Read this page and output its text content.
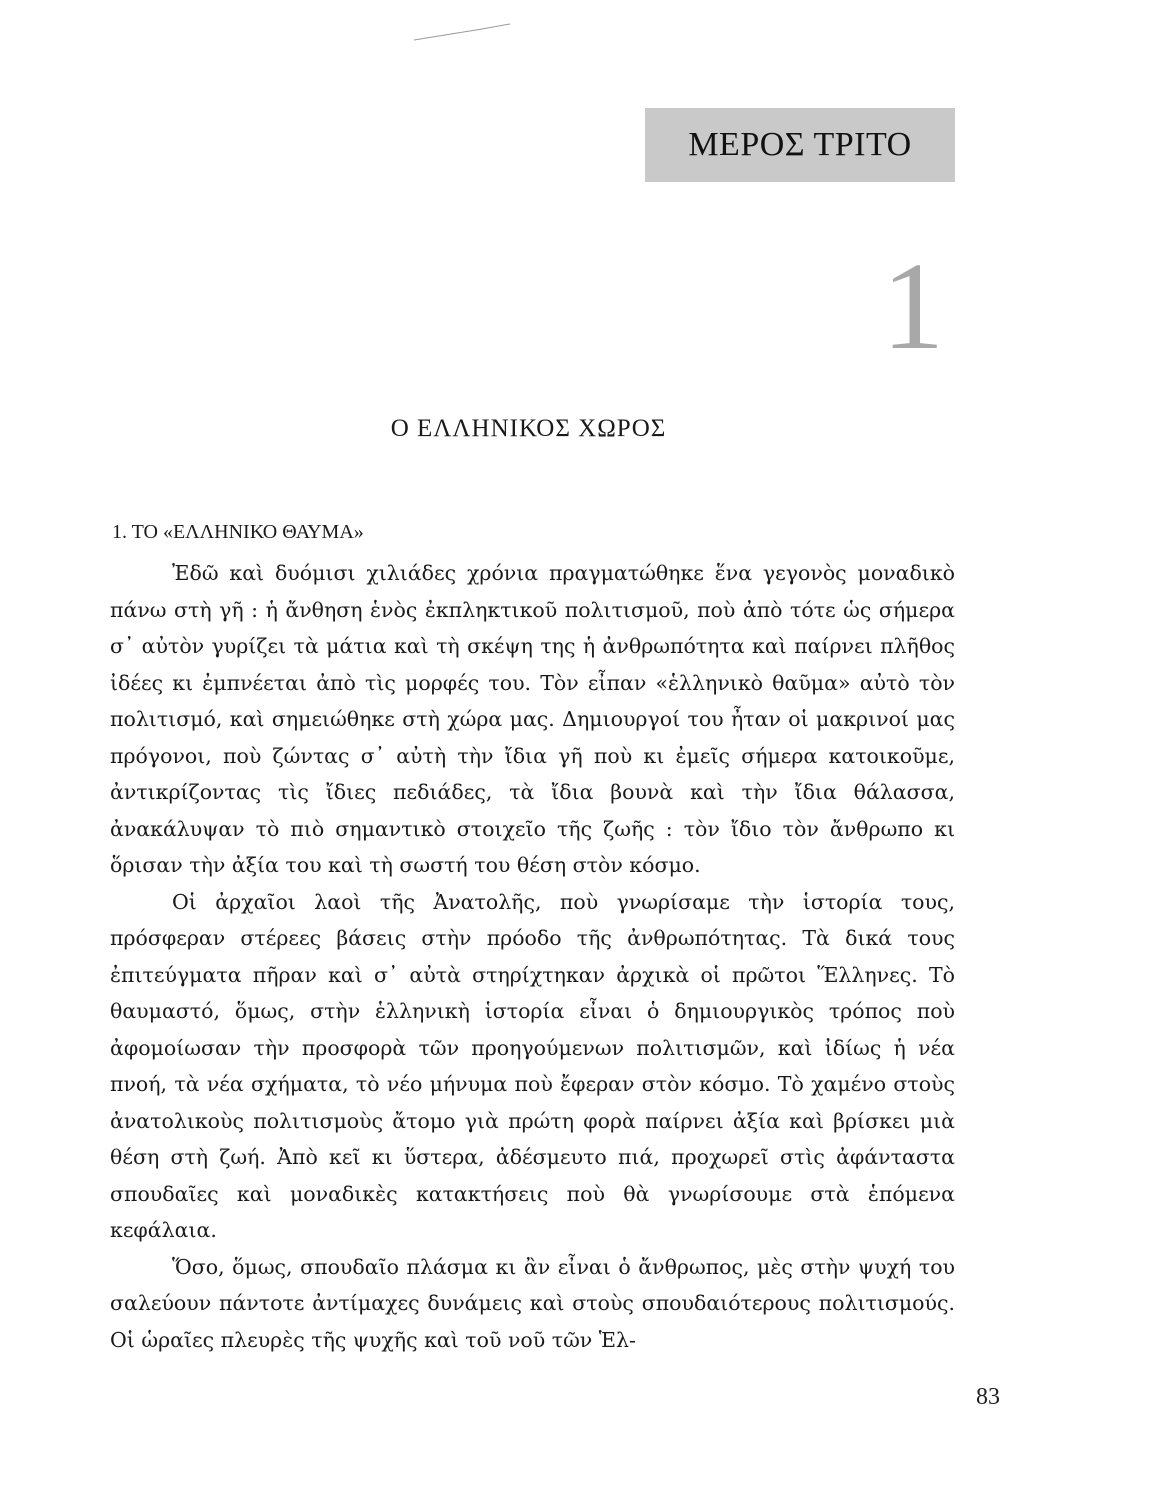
ΜΕΡΟΣ ΤΡΙΤΟ
1
Ο ΕΛΛΗΝΙΚΟΣ ΧΩΡΟΣ
1. ΤΟ «ΕΛΛΗΝΙΚΟ ΘΑΥΜΑ»

Ἐδῶ καὶ δυόμισι χιλιάδες χρόνια πραγματώθηκε ἕνα γεγονὸς μοναδικὸ πάνω στὴ γῆ : ἡ ἄνθηση ἑνὸς ἐκπληκτικοῦ πολιτισμοῦ, ποὺ ἀπὸ τότε ὡς σήμερα σ᾽ αὐτὸν γυρίζει τὰ μάτια καὶ τὴ σκέψη της ἡ ἀνθρωπότητα καὶ παίρνει πλῆθος ἰδέες κι ἐμπνέεται ἀπὸ τὶς μορφές του. Τὸν εἶπαν «ἑλληνικὸ θαῦμα» αὐτὸ τὸν πολιτισμό, καὶ σημειώθηκε στὴ χώρα μας. Δημιουργοί του ἦταν οἱ μακρινοί μας πρόγονοι, ποὺ ζώντας σ᾽ αὐτὴ τὴν ἴδια γῆ ποὺ κι ἐμεῖς σήμερα κατοικοῦμε, ἀντικρίζοντας τὶς ἴδιες πεδιάδες, τὰ ἴδια βουνὰ καὶ τὴν ἴδια θάλασσα, ἀνακάλυψαν τὸ πιὸ σημαντικὸ στοιχεῖο τῆς ζωῆς : τὸν ἴδιο τὸν ἄνθρωπο κι ὅρισαν τὴν ἀξία του καὶ τὴ σωστή του θέση στὸν κόσμο.

Οἱ ἀρχαῖοι λαοὶ τῆς Ἀνατολῆς, ποὺ γνωρίσαμε τὴν ἱστορία τους, πρόσφεραν στέρεες βάσεις στὴν πρόοδο τῆς ἀνθρωπότητας. Τὰ δικά τους ἐπιτεύγματα πῆραν καὶ σ᾽ αὐτὰ στηρίχτηκαν ἀρχικὰ οἱ πρῶτοι Ἕλληνες. Τὸ θαυμαστό, ὅμως, στὴν ἑλληνικὴ ἱστορία εἶναι ὁ δημιουργικὸς τρόπος ποὺ ἀφομοίωσαν τὴν προσφορὰ τῶν προηγούμενων πολιτισμῶν, καὶ ἰδίως ἡ νέα πνοή, τὰ νέα σχήματα, τὸ νέο μήνυμα ποὺ ἔφεραν στὸν κόσμο. Τὸ χαμένο στοὺς ἀνατολικοὺς πολιτισμοὺς ἄτομο γιὰ πρώτη φορὰ παίρνει ἀξία καὶ βρίσκει μιὰ θέση στὴ ζωή. Ἀπὸ κεῖ κι ὕστερα, ἀδέσμευτο πιά, προχωρεῖ στὶς ἀφάνταστα σπουδαῖες καὶ μοναδικὲς κατακτήσεις ποὺ θὰ γνωρίσουμε στὰ ἑπόμενα κεφάλαια.

Ὅσο, ὅμως, σπουδαῖο πλάσμα κι ἂν εἶναι ὁ ἄνθρωπος, μὲς στὴν ψυχή του σαλεύουν πάντοτε ἀντίμαχες δυνάμεις καὶ στοὺς σπουδαιότερους πολιτισμούς. Οἱ ὡραῖες πλευρὲς τῆς ψυχῆς καὶ τοῦ νοῦ τῶν Ἑλ-

83
